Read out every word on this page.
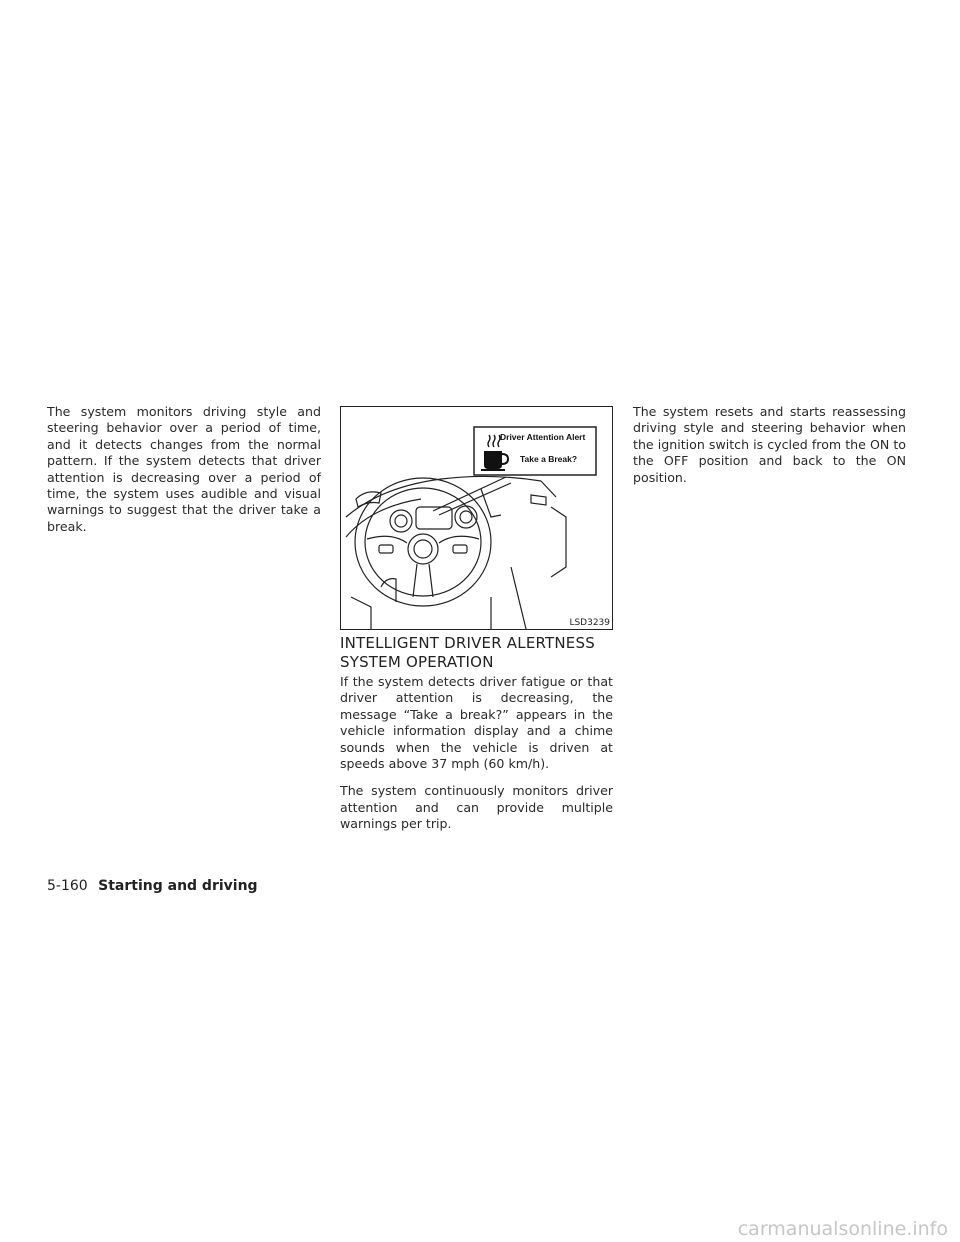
The system monitors driving style and steering behavior over a period of time, and it detects changes from the normal pattern. If the system detects that driver attention is decreasing over a period of time, the system uses audible and visual warnings to suggest that the driver take a break.

Driver Attention Alert
Take a Break?
LSD3239
INTELLIGENT DRIVER ALERTNESS
SYSTEM OPERATION

If the system detects driver fatigue or that driver attention is decreasing, the message “Take a break?” appears in the vehicle information display and a chime sounds when the vehicle is driven at speeds above 37 mph (60 km/h).

The system continuously monitors driver attention and can provide multiple warnings per trip.

The system resets and starts reassessing driving style and steering behavior when the ignition switch is cycled from the ON to the OFF position and back to the ON position.

5-160 Starting and driving
carmanualsonline.info
